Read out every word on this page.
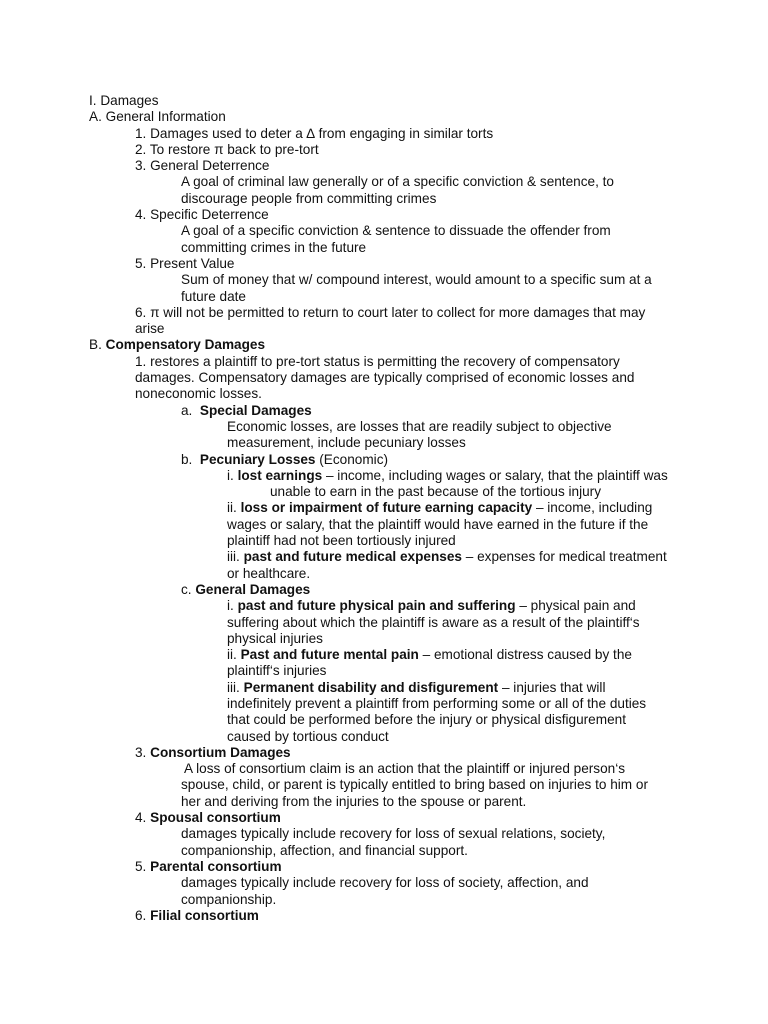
I. Damages
A. General Information
1. Damages used to deter a ∆ from engaging in similar torts
2. To restore π back to pre-tort
3. General Deterrence
A goal of criminal law generally or of a specific conviction & sentence, to
discourage people from committing crimes
4. Specific Deterrence
A goal of a specific conviction & sentence to dissuade the offender from
committing crimes in the future
5. Present Value
Sum of money that w/ compound interest, would amount to a specific sum at a
future date
6. π will not be permitted to return to court later to collect for more damages that may
arise
B. Compensatory Damages
1. restores a plaintiff to pre-tort status is permitting the recovery of compensatory
damages. Compensatory damages are typically comprised of economic losses and
noneconomic losses.
a.  Special Damages
Economic losses, are losses that are readily subject to objective
measurement, include pecuniary losses
b.  Pecuniary Losses (Economic)
i. lost earnings – income, including wages or salary, that the plaintiff was
unable to earn in the past because of the tortious injury
ii. loss or impairment of future earning capacity – income, including
wages or salary, that the plaintiff would have earned in the future if the
plaintiff had not been tortiously injured
iii. past and future medical expenses – expenses for medical treatment
or healthcare.
c. General Damages
i. past and future physical pain and suffering – physical pain and
suffering about which the plaintiff is aware as a result of the plaintiff‘s
physical injuries
ii. Past and future mental pain – emotional distress caused by the
plaintiff‘s injuries
iii. Permanent disability and disfigurement – injuries that will
indefinitely prevent a plaintiff from performing some or all of the duties
that could be performed before the injury or physical disfigurement
caused by tortious conduct
3. Consortium Damages
A loss of consortium claim is an action that the plaintiff or injured person‘s
spouse, child, or parent is typically entitled to bring based on injuries to him or
her and deriving from the injuries to the spouse or parent.
4. Spousal consortium
damages typically include recovery for loss of sexual relations, society,
companionship, affection, and financial support.
5. Parental consortium
damages typically include recovery for loss of society, affection, and
companionship.
6. Filial consortium
